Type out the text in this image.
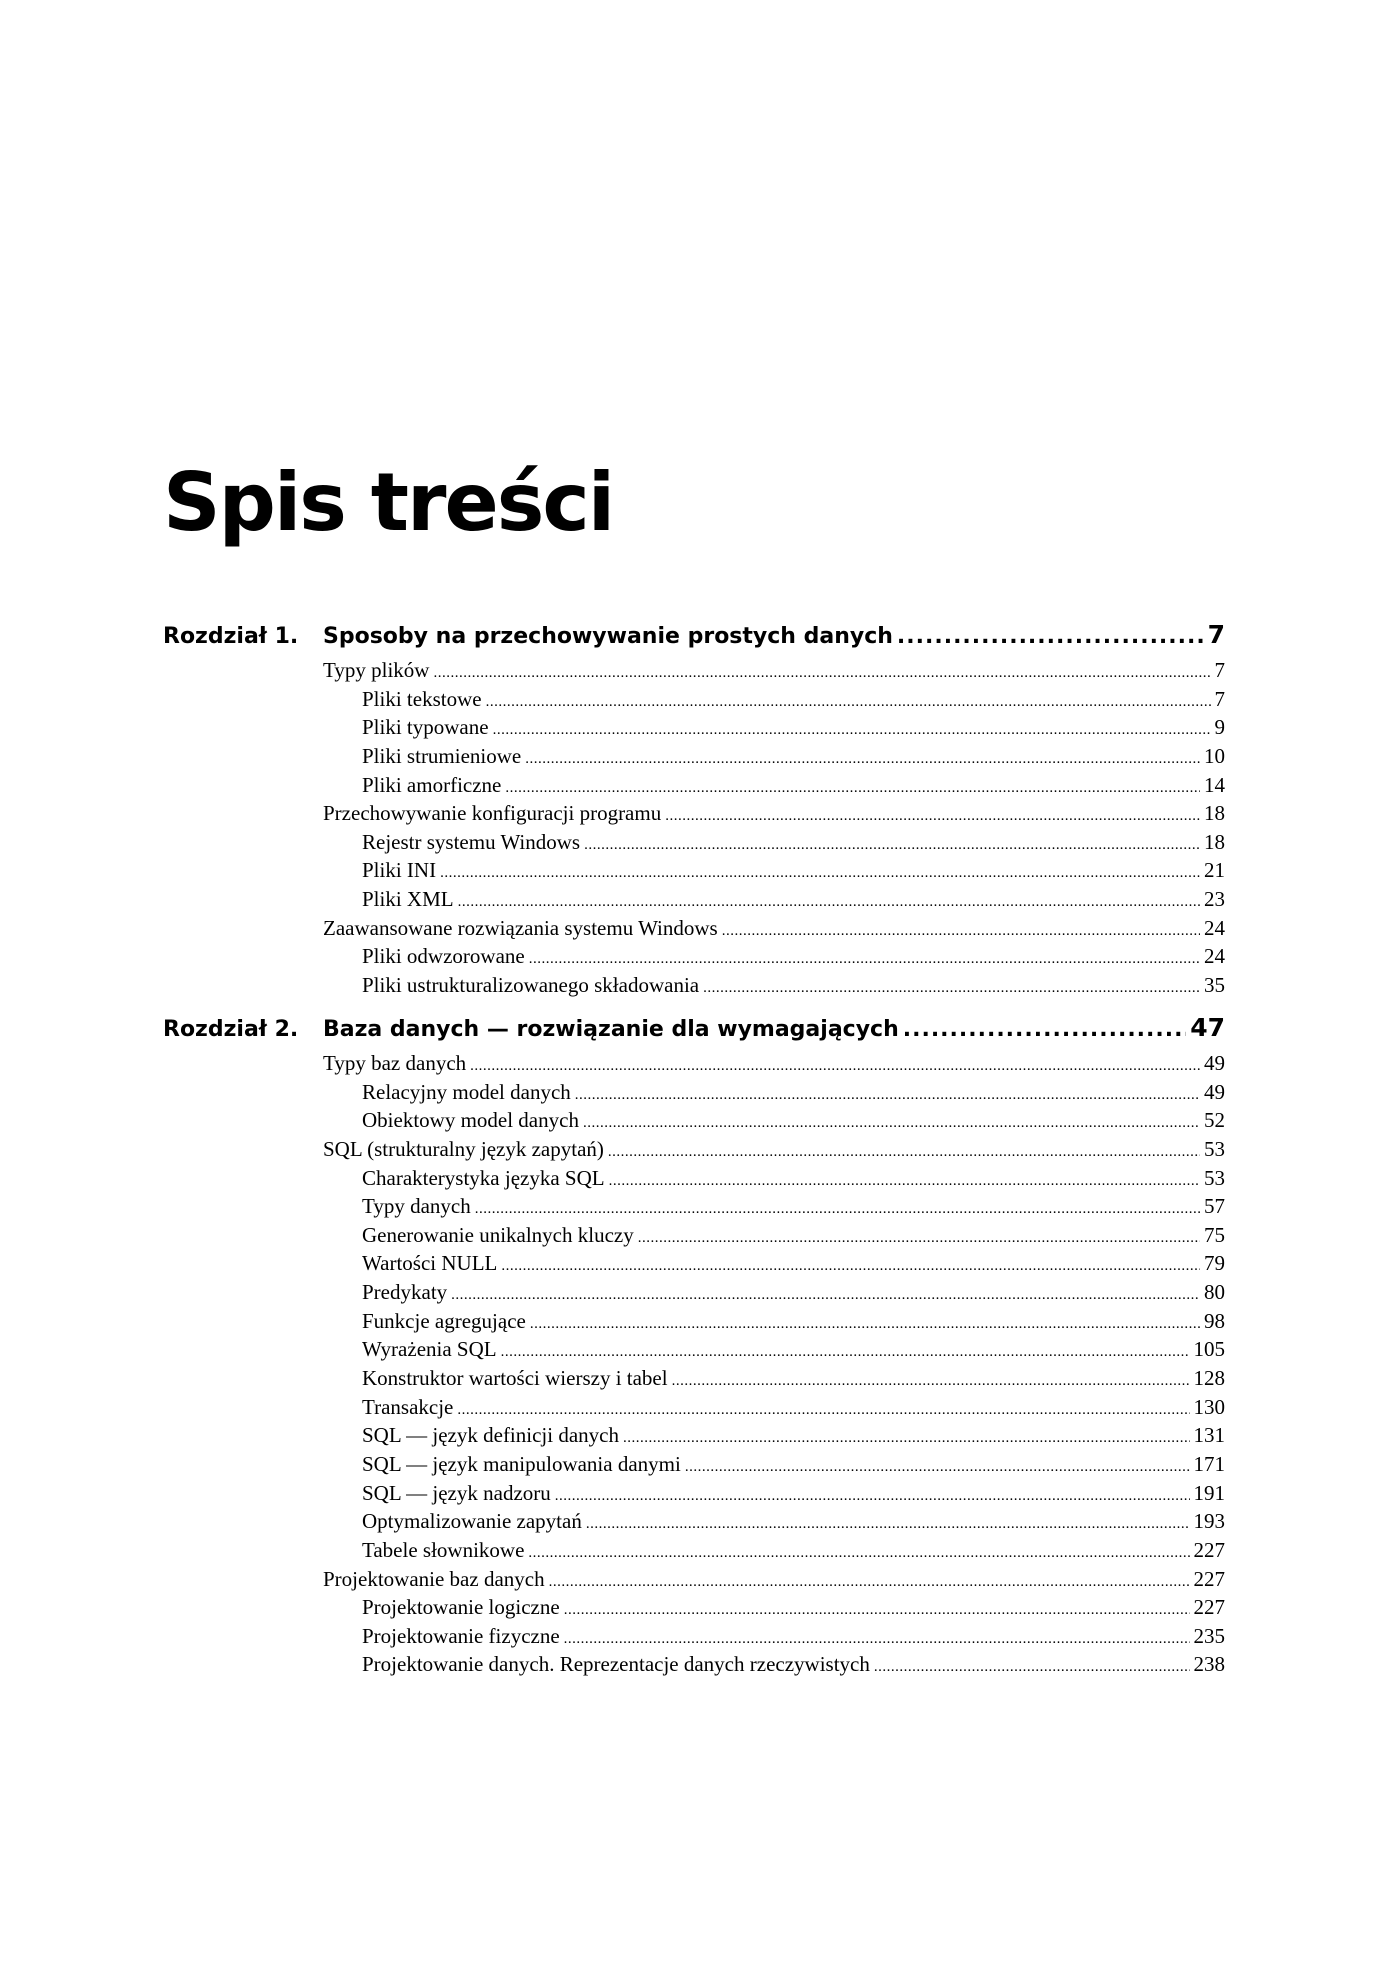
Spis treści
Rozdział 1.	Sposoby na przechowywanie prostych danych .....	7
Typy plików .....	7
Pliki tekstowe .....	7
Pliki typowane .....	9
Pliki strumieniowe .....	10
Pliki amorficzne .....	14
Przechowywanie konfiguracji programu .....	18
Rejestr systemu Windows .....	18
Pliki INI .....	21
Pliki XML .....	23
Zaawansowane rozwiązania systemu Windows .....	24
Pliki odwzorowane .....	24
Pliki ustrukturalizowanego składowania .....	35
Rozdział 2.	Baza danych — rozwiązanie dla wymagających .....	47
Typy baz danych .....	49
Relacyjny model danych .....	49
Obiektowy model danych .....	52
SQL (strukturalny język zapytań) .....	53
Charakterystyka języka SQL .....	53
Typy danych .....	57
Generowanie unikalnych kluczy .....	75
Wartości NULL .....	79
Predykaty .....	80
Funkcje agregujące .....	98
Wyrażenia SQL .....	105
Konstruktor wartości wierszy i tabel .....	128
Transakcje .....	130
SQL — język definicji danych .....	131
SQL — język manipulowania danymi .....	171
SQL — język nadzoru .....	191
Optymalizowanie zapytań .....	193
Tabele słownikowe .....	227
Projektowanie baz danych .....	227
Projektowanie logiczne .....	227
Projektowanie fizyczne .....	235
Projektowanie danych. Reprezentacje danych rzeczywistych .....	238
